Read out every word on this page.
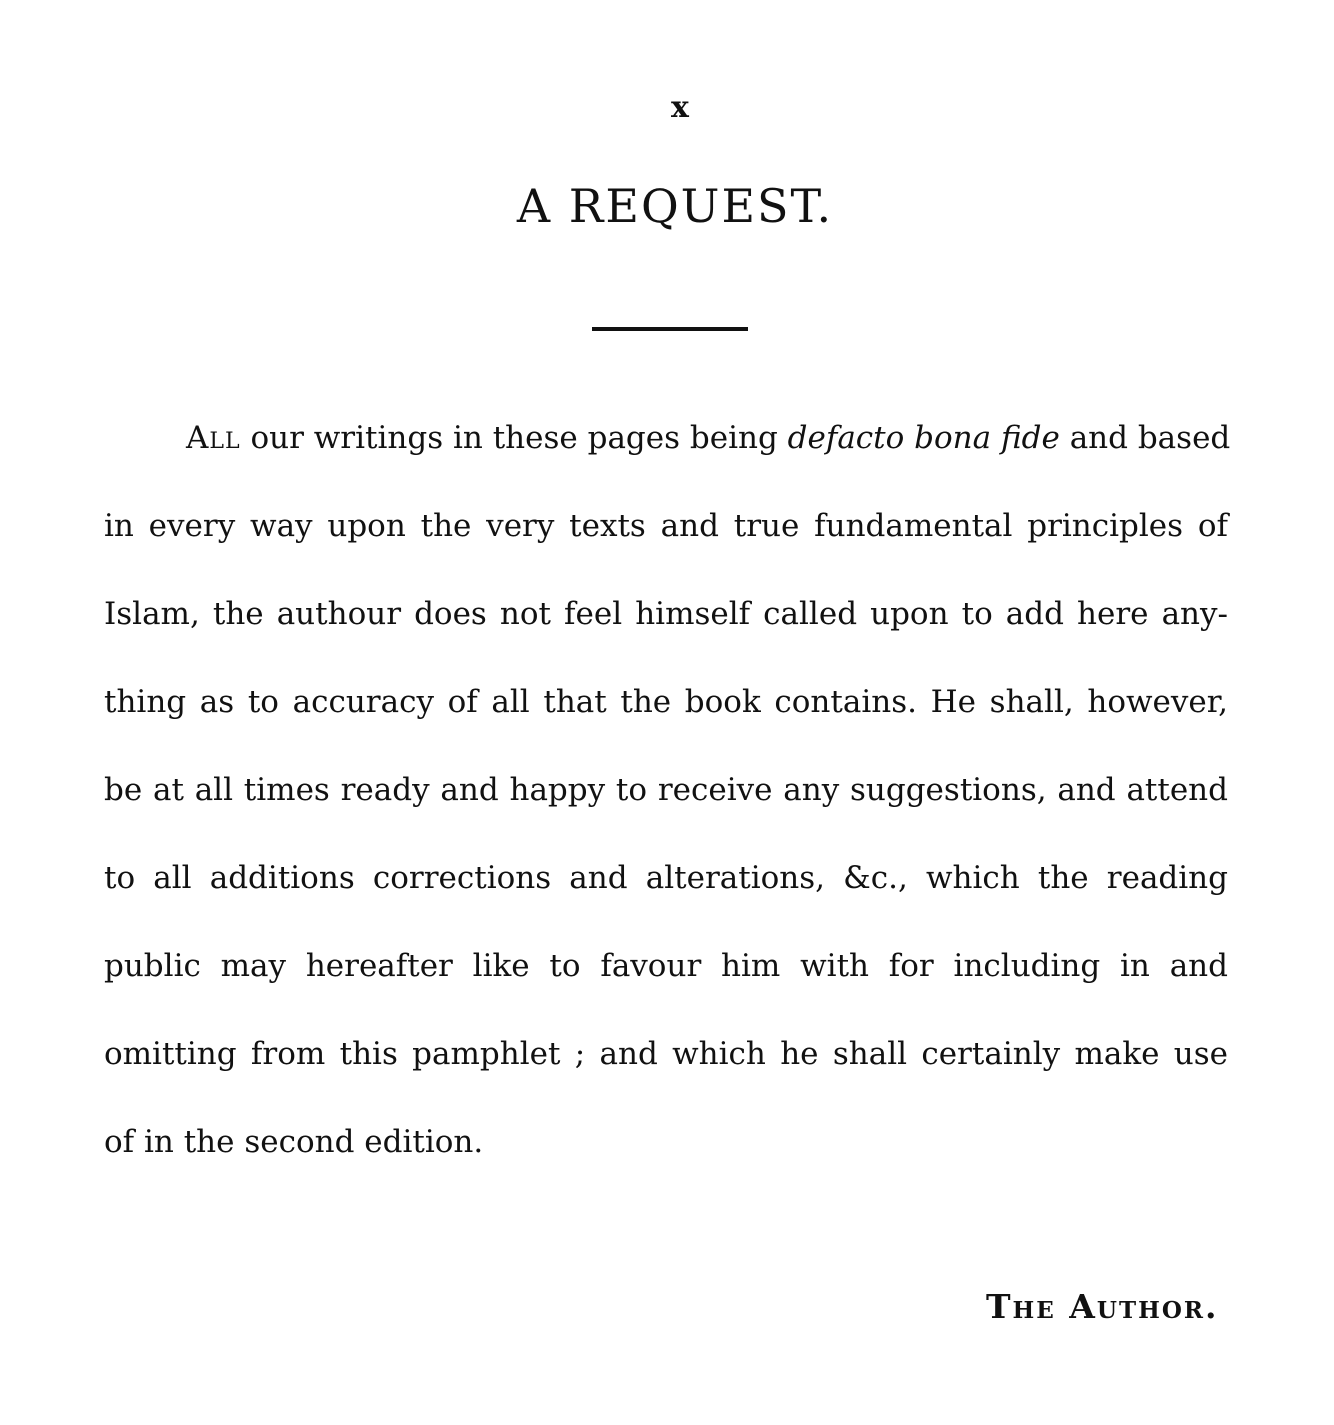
x
A REQUEST.
All our writings in these pages being defacto bona fide and based
in every way upon the very texts and true fundamental principles of
Islam, the authour does not feel himself called upon to add here any-
thing as to accuracy of all that the book contains. He shall, however,
be at all times ready and happy to receive any suggestions, and attend
to all additions corrections and alterations, &c., which the reading
public may hereafter like to favour him with for including in and
omitting from this pamphlet ; and which he shall certainly make use
of in the second edition.
The Author.
